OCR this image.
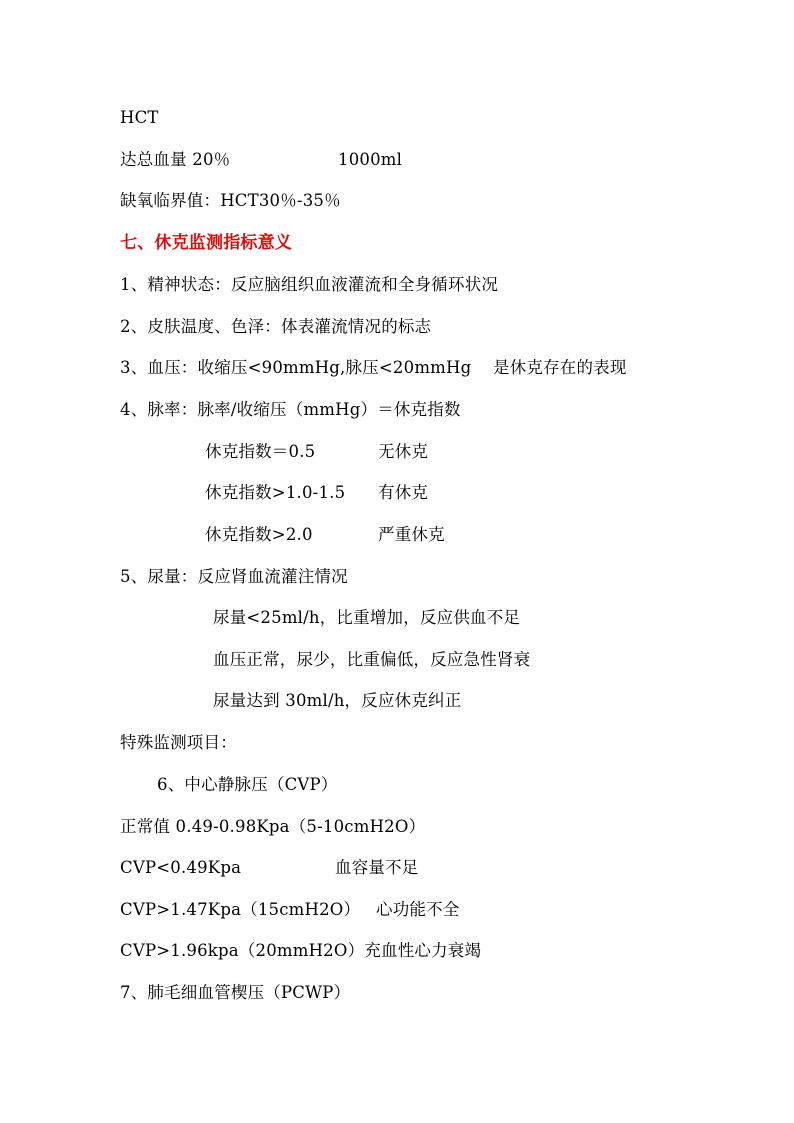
HCT
达总血量 20％	1000ml
缺氧临界值：HCT30％-35％
七、休克监测指标意义
1、精神状态：反应脑组织血液灌流和全身循环状况
2、皮肤温度、色泽：体表灌流情况的标志
3、血压：收缩压<90mmHg,脉压<20mmHg 是休克存在的表现
4、脉率：脉率/收缩压（mmHg）＝休克指数
休克指数＝0.5	无休克
休克指数>1.0-1.5 有休克
休克指数>2.0	严重休克
5、尿量：反应肾血流灌注情况
尿量<25ml/h，比重增加，反应供血不足
血压正常，尿少，比重偏低，反应急性肾衰
尿量达到 30ml/h，反应休克纠正
特殊监测项目：
6、中心静脉压（CVP）
正常值 0.49-0.98Kpa（5-10cmH2O）
CVP<0.49Kpa	血容量不足
CVP>1.47Kpa（15cmH2O） 心功能不全
CVP>1.96kpa（20mmH2O）充血性心力衰竭
7、肺毛细血管楔压（PCWP）
